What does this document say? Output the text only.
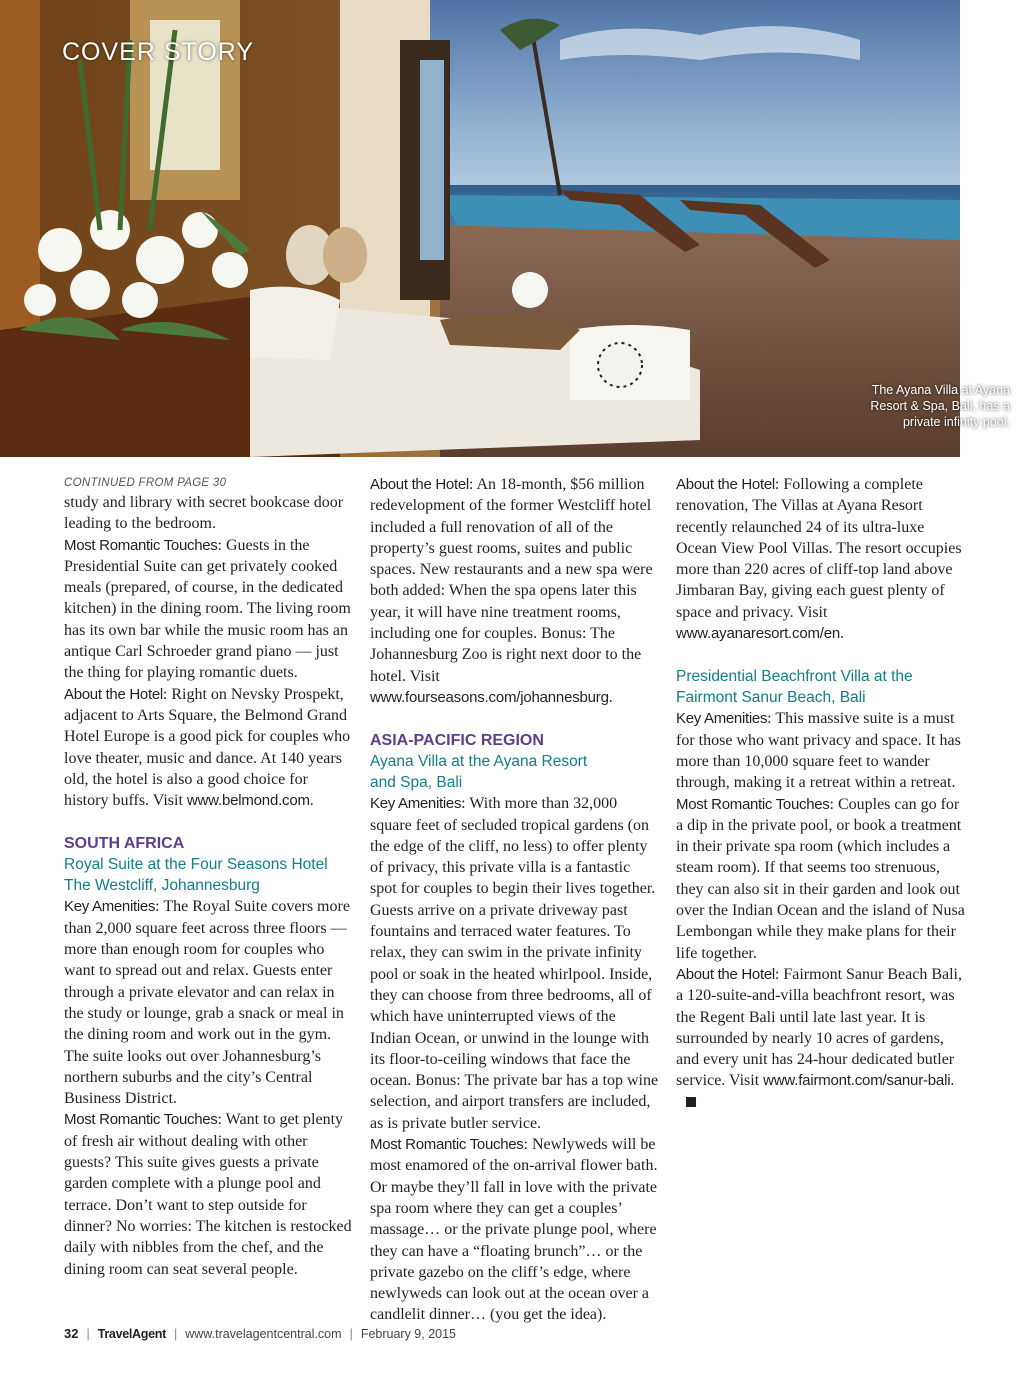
COVER STORY
The Ayana Villa at Ayana Resort & Spa, Bali, has a private infinity pool.

CONTINUED FROM PAGE 30

study and library with secret bookcase door leading to the bedroom.

Most Romantic Touches: Guests in the Presidential Suite can get privately cooked meals (prepared, of course, in the dedicated kitchen) in the dining room. The living room has its own bar while the music room has an antique Carl Schroeder grand piano — just the thing for playing romantic duets.

About the Hotel: Right on Nevsky Prospekt, adjacent to Arts Square, the Belmond Grand Hotel Europe is a good pick for couples who love theater, music and dance. At 140 years old, the hotel is also a good choice for history buffs. Visit www.belmond.com.

SOUTH AFRICA

Royal Suite at the Four Seasons Hotel
The Westcliff, Johannesburg

Key Amenities: The Royal Suite covers more than 2,000 square feet across three floors — more than enough room for couples who want to spread out and relax. Guests enter through a private elevator and can relax in the study or lounge, grab a snack or meal in the dining room and work out in the gym. The suite looks out over Johannesburg’s northern suburbs and the city’s Central Business District.

Most Romantic Touches: Want to get plenty of fresh air without dealing with other guests? This suite gives guests a private garden complete with a plunge pool and terrace. Don’t want to step outside for dinner? No worries: The kitchen is restocked daily with nibbles from the chef, and the dining room can seat several people.

About the Hotel: An 18-month, $56 million redevelopment of the former Westcliff hotel included a full renovation of all of the property’s guest rooms, suites and public spaces. New restaurants and a new spa were both added: When the spa opens later this year, it will have nine treatment rooms, including one for couples. Bonus: The Johannesburg Zoo is right next door to the hotel. Visit www.fourseasons.com/johannesburg.

ASIA-PACIFIC REGION

Ayana Villa at the Ayana Resort
and Spa, Bali

Key Amenities: With more than 32,000 square feet of secluded tropical gardens (on the edge of the cliff, no less) to offer plenty of privacy, this private villa is a fantastic spot for couples to begin their lives together. Guests arrive on a private driveway past fountains and terraced water features. To relax, they can swim in the private infinity pool or soak in the heated whirlpool. Inside, they can choose from three bedrooms, all of which have uninterrupted views of the Indian Ocean, or unwind in the lounge with its floor-to-ceiling windows that face the ocean. Bonus: The private bar has a top wine selection, and airport transfers are included, as is private butler service.

Most Romantic Touches: Newlyweds will be most enamored of the on-arrival flower bath. Or maybe they’ll fall in love with the private spa room where they can get a couples’ massage… or the private plunge pool, where they can have a “floating brunch”… or the private gazebo on the cliff’s edge, where newlyweds can look out at the ocean over a candlelit dinner… (you get the idea).

About the Hotel: Following a complete renovation, The Villas at Ayana Resort recently relaunched 24 of its ultra-luxe Ocean View Pool Villas. The resort occupies more than 220 acres of cliff-top land above Jimbaran Bay, giving each guest plenty of space and privacy. Visit www.ayanaresort.com/en.

Presidential Beachfront Villa at the
Fairmont Sanur Beach, Bali

Key Amenities: This massive suite is a must for those who want privacy and space. It has more than 10,000 square feet to wander through, making it a retreat within a retreat.

Most Romantic Touches: Couples can go for a dip in the private pool, or book a treatment in their private spa room (which includes a steam room). If that seems too strenuous, they can also sit in their garden and look out over the Indian Ocean and the island of Nusa Lembongan while they make plans for their life together.

About the Hotel: Fairmont Sanur Beach Bali, a 120-suite-and-villa beachfront resort, was the Regent Bali until late last year. It is surrounded by nearly 10 acres of gardens, and every unit has 24-hour dedicated butler service. Visit www.fairmont.com/sanur-bali.

32 | TravelAgent | www.travelagentcentral.com | February 9, 2015
